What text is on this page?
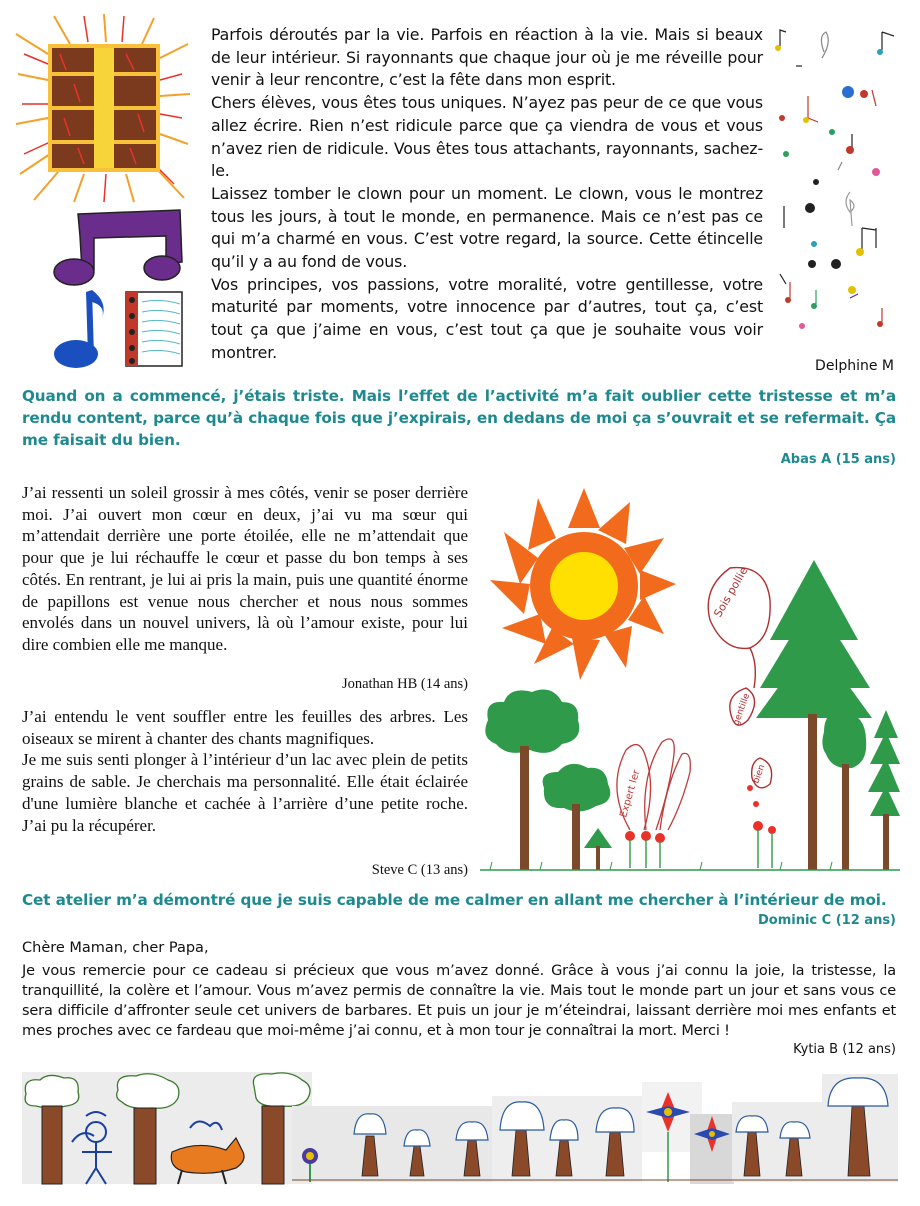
Parfois déroutés par la vie. Parfois en réaction à la vie. Mais si beaux de leur intérieur. Si rayonnants que chaque jour où je me réveille pour venir à leur rencontre, c’est la fête dans mon esprit.

Chers élèves, vous êtes tous uniques. N’ayez pas peur de ce que vous allez écrire. Rien n’est ridicule parce que ça viendra de vous et vous n’avez rien de ridicule. Vous êtes tous attachants, rayonnants, sachez-le.

Laissez tomber le clown pour un moment. Le clown, vous le montrez tous les jours, à tout le monde, en permanence. Mais ce n’est pas ce qui m’a charmé en vous. C’est votre regard, la source. Cette étincelle qu’il y a au fond de vous.

Vos principes, vos passions, votre moralité, votre gentillesse, votre maturité par moments, votre innocence par d’autres, tout ça, c’est tout ça que j’aime en vous, c’est tout ça que je souhaite vous voir montrer.

Delphine M
Quand on a commencé, j’étais triste. Mais l’effet de l’activité m’a fait oublier cette tristesse et m’a rendu content, parce qu’à chaque fois que j’expirais, en dedans de moi ça s’ouvrait et se refermait. Ça me faisait du bien.
Abas A (15 ans)
J’ai ressenti un soleil grossir à mes côtés, venir se poser derrière moi. J’ai ouvert mon cœur en deux, j’ai vu ma sœur qui m’attendait derrière une porte étoilée, elle ne m’attendait que pour que je lui réchauffe le cœur et passe du bon temps à ses côtés. En rentrant, je lui ai pris la main, puis une quantité énorme de papillons est venue nous chercher et nous nous sommes envolés dans un nouvel univers, là où l’amour existe, pour lui dire combien elle me manque.
Jonathan HB (14 ans)

J’ai entendu le vent souffler entre les feuilles des arbres. Les oiseaux se mirent à chanter des chants magnifiques.

Je me suis senti plonger à l’intérieur d’un lac avec plein de petits grains de sable. Je cherchais ma personnalité. Elle était éclairée d'une lumière blanche et cachée à l’arrière d’une petite roche. J’ai pu la récupérer.

Steve C (13 ans)
Sois pollie
gentille
bien
Expert ler
Cet atelier m’a démontré que je suis capable de me calmer en allant me chercher à l’intérieur de moi.
Dominic C (12 ans)
Chère Maman, cher Papa,
Je vous remercie pour ce cadeau si précieux que vous m’avez donné. Grâce à vous j’ai connu la joie, la tristesse, la tranquillité, la colère et l’amour. Vous m’avez permis de connaître la vie. Mais tout le monde part un jour et sans vous ce sera difficile d’affronter seule cet univers de barbares. Et puis un jour je m’éteindrai, laissant derrière moi mes enfants et mes proches avec ce fardeau que moi-même j’ai connu, et à mon tour je connaîtrai la mort. Merci !
Kytia B (12 ans)
